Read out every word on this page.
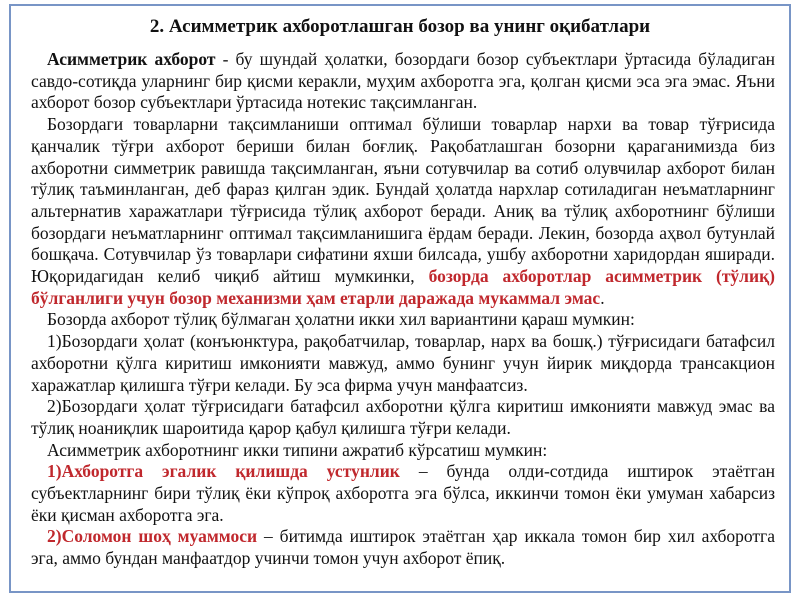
2. Асимметрик ахборотлашган бозор ва унинг оқибатлари

Асимметрик ахборот - бу шундай ҳолатки, бозордаги бозор субъектлари ўртасида бўладиган савдо-сотиқда уларнинг бир қисми керакли, муҳим ахборотга эга, қолган қисми эса эга эмас. Яъни ахборот бозор субъектлари ўртасида нотекис тақсимланган.

Бозордаги товарларни тақсимланиши оптимал бўлиши товарлар нархи ва товар тўғрисида қанчалик тўғри ахборот бериши билан боғлиқ. Рақобатлашган бозорни қараганимизда биз ахборотни симметрик равишда тақсимланган, яъни сотувчилар ва сотиб олувчилар ахборот билан тўлиқ таъминланган, деб фараз қилган эдик. Бундай ҳолатда нархлар сотиладиган неъматларнинг альтернатив харажатлари тўғрисида тўлиқ ахборот беради. Аниқ ва тўлиқ ахборотнинг бўлиши бозордаги неъматларнинг оптимал тақсимланишига ёрдам беради. Лекин, бозорда аҳвол бутунлай бошқача. Сотувчилар ўз товарлари сифатини яхши билсада, ушбу ахборотни харидордан яширади. Юқоридагидан келиб чиқиб айтиш мумкинки, бозорда ахборотлар асимметрик (тўлиқ) бўлганлиги учун бозор механизми ҳам етарли даражада мукаммал эмас.

Бозорда ахборот тўлиқ бўлмаган ҳолатни икки хил вариантини қараш мумкин:

1)Бозордаги ҳолат (конъюнктура, рақобатчилар, товарлар, нарх ва бошқ.) тўғрисидаги батафсил ахборотни қўлга киритиш имконияти мавжуд, аммо бунинг учун йирик миқдорда трансакцион харажатлар қилишга тўғри келади. Бу эса фирма учун манфаатсиз.

2)Бозордаги ҳолат тўғрисидаги батафсил ахборотни қўлга киритиш имконияти мавжуд эмас ва тўлиқ ноаниқлик шароитида қарор қабул қилишга тўғри келади.

Асимметрик ахборотнинг икки типини ажратиб кўрсатиш мумкин:

1)Ахборотга эгалик қилишда устунлик – бунда олди-сотдида иштирок этаётган субъектларнинг бири тўлиқ ёки кўпроқ ахборотга эга бўлса, иккинчи томон ёки умуман хабарсиз ёки қисман ахборотга эга.

2)Соломон шоҳ муаммоси – битимда иштирок этаётган ҳар иккала томон бир хил ахборотга эга, аммо бундан манфаатдор учинчи томон учун ахборот ёпиқ.
